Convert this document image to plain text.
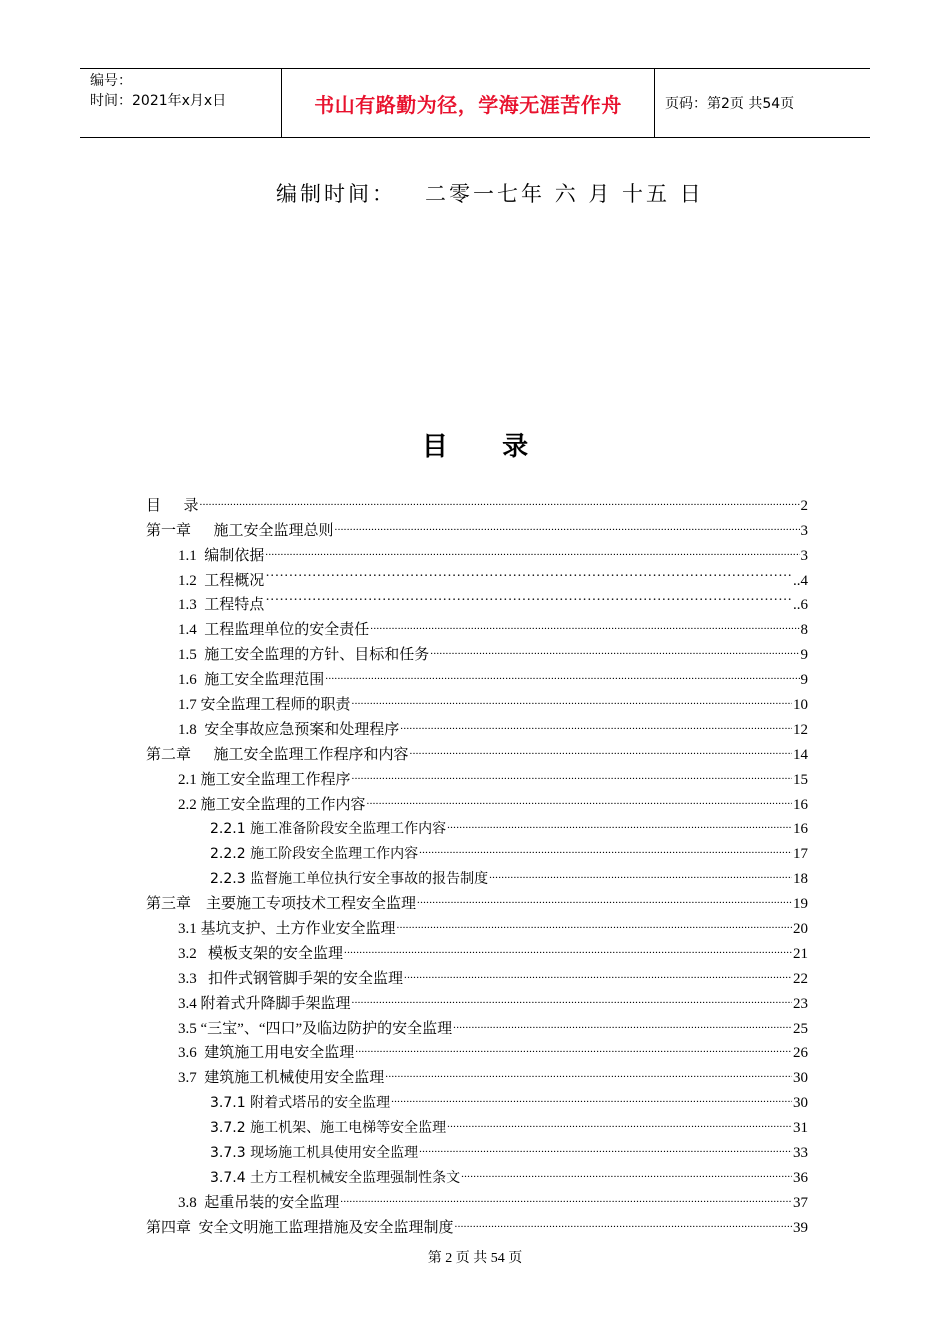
编号：
时间：2021年x月x日	书山有路勤为径，学海无涯苦作舟	页码：第2页 共54页
编制时间：   二零一七年 六 月 十五 日
目      录
目      录 .....	2
第一章      施工安全监理总则 .....	3
1.1  编制依据 .....	3
1.2  工程概况 ·····	..4
1.3  工程特点 ·····	..6
1.4  工程监理单位的安全责任 .....	8
1.5  施工安全监理的方针、目标和任务 .....	9
1.6  施工安全监理范围 .....	9
1.7 安全监理工程师的职责 .....	10
1.8  安全事故应急预案和处理程序 .....	12
第二章      施工安全监理工作程序和内容 .....	14
2.1 施工安全监理工作程序 .....	15
2.2 施工安全监理的工作内容 .....	16
2.2.1 施工准备阶段安全监理工作内容 .....	16
2.2.2 施工阶段安全监理工作内容 .....	17
2.2.3 监督施工单位执行安全事故的报告制度 .....	18
第三章    主要施工专项技术工程安全监理 .....	19
3.1 基坑支护、土方作业安全监理 .....	20
3.2   模板支架的安全监理 .....	21
3.3   扣件式钢管脚手架的安全监理 .....	22
3.4 附着式升降脚手架监理 .....	23
3.5 “三宝”、“四口”及临边防护的安全监理 .....	25
3.6  建筑施工用电安全监理 .....	26
3.7  建筑施工机械使用安全监理 .....	30
3.7.1 附着式塔吊的安全监理 .....	30
3.7.2 施工机架、施工电梯等安全监理 .....	31
3.7.3 现场施工机具使用安全监理 .....	33
3.7.4 土方工程机械安全监理强制性条文 .....	36
3.8  起重吊装的安全监理 .....	37
第四章  安全文明施工监理措施及安全监理制度 .....	39
第 2 页 共 54 页
